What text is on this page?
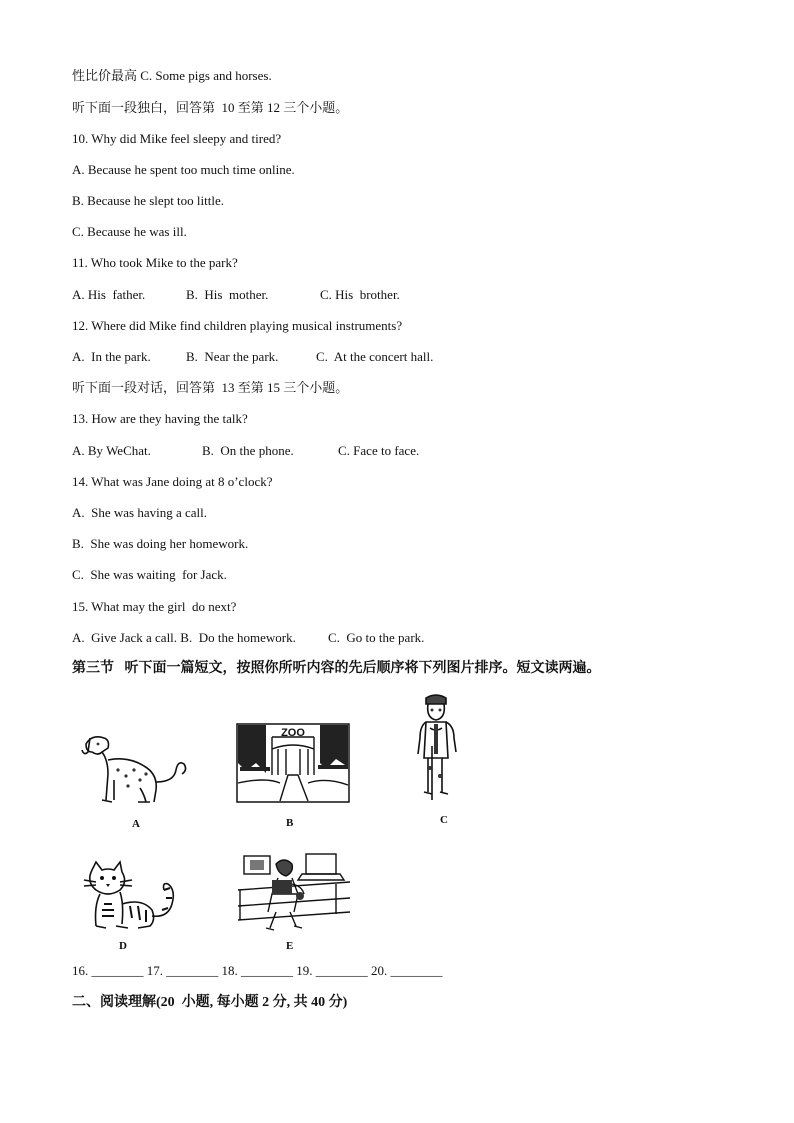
性比价最高 C. Some pigs and horses.
听下面一段独白，回答第  10 至第 12 三个小题。
10. Why did Mike feel sleepy and tired?
A. Because he spent too much time online.
B. Because he slept too little.
C. Because he was ill.
11. Who took Mike to the park?
A. His  father.	B.  His  mother.	C. His  brother.
12. Where did Mike find children playing musical instruments?
A.  In the park.	B.  Near the park.	C.  At the concert hall.
听下面一段对话，回答第  13 至第 15 三个小题。
13. How are they having the talk?
A. By WeChat.	B.  On the phone.	C. Face to face.
14. What was Jane doing at 8 o’clock?
A.  She was having a call.
B.  She was doing her homework.
C.  She was waiting  for Jack.
15. What may the girl  do next?
A.  Give Jack a call. B.  Do the homework. C.  Go to the park.
第三节   听下面一篇短文，按照你所听内容的先后顺序将下列图片排序。短文读两遍。
A
ZOO
B	C
D	E
16. ________ 17. ________ 18. ________ 19. ________ 20. ________
二、阅读理解(20  小题, 每小题 2 分, 共 40 分)
